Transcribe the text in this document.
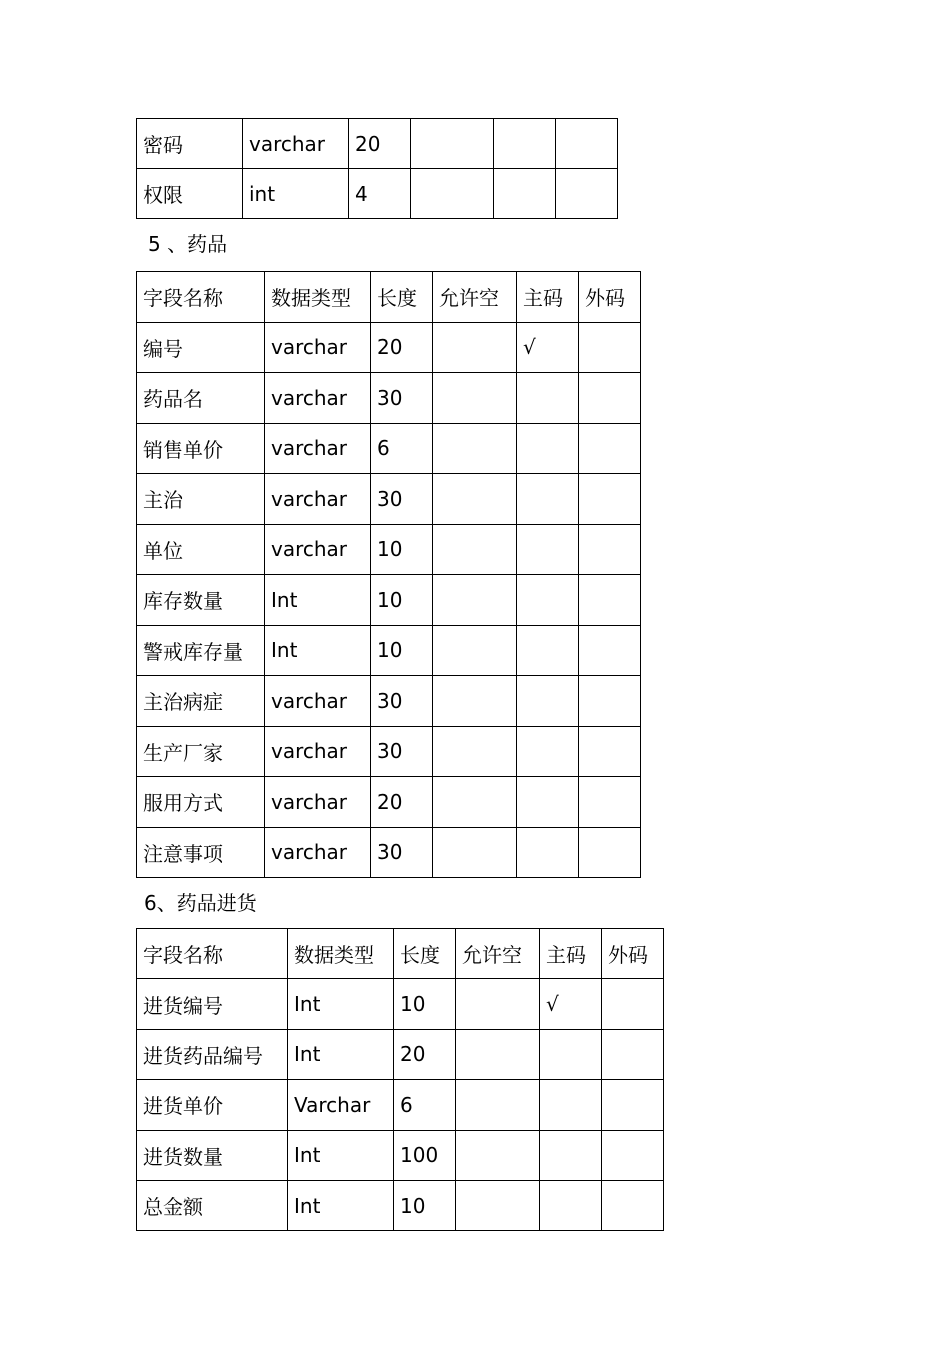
密码	varchar	20			
权限	int	4			
5 、药品
字段名称	数据类型	长度	允许空	主码	外码
编号	varchar	20		√	
药品名	varchar	30			
销售单价	varchar	6			
主治	varchar	30			
单位	varchar	10			
库存数量	Int	10			
警戒库存量	Int	10			
主治病症	varchar	30			
生产厂家	varchar	30			
服用方式	varchar	20			
注意事项	varchar	30			
6、药品进货
字段名称	数据类型	长度	允许空	主码	外码
进货编号	Int	10		√	
进货药品编号	Int	20			
进货单价	Varchar	6			
进货数量	Int	100			
总金额	Int	10			
